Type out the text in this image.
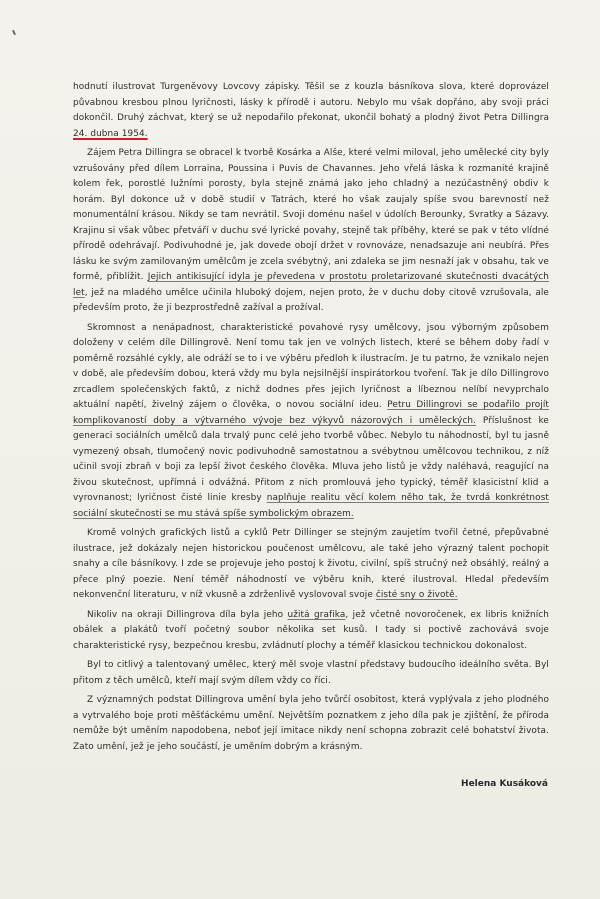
hodnutí ilustrovat Turgeněvovy Lovcovy zápisky. Těšil se z kouzla básníkova slova, které doprovázel půvabnou kresbou plnou lyričnosti, lásky k přírodě i autoru. Nebylo mu však dopřáno, aby svoji práci dokončil. Druhý záchvat, který se už nepodařilo překonat, ukončil bohatý a plodný život Petra Dillingra 24. dubna 1954.

Zájem Petra Dillingra se obracel k tvorbě Kosárka a Alše, které velmi miloval, jeho umělecké city byly vzrušovány před dílem Lorraina, Poussina i Puvis de Chavannes. Jeho vřelá láska k rozmanité krajině kolem řek, porostlé lužními porosty, byla stejně známá jako jeho chladný a nezúčastněný obdiv k horám. Byl dokonce už v době studií v Tatrách, které ho však zaujaly spíše svou barevností než monumentální krásou. Nikdy se tam nevrátil. Svoji doménu našel v údolích Berounky, Svratky a Sázavy. Krajinu si však vůbec přetváří v duchu své lyrické povahy, stejně tak příběhy, které se pak v této vlídné přírodě odehrávají. Podivuhodné je, jak dovede obojí držet v rovnováze, nenadsazuje ani neubírá. Přes lásku ke svým zamilovaným umělcům je zcela svébytný, ani zdaleka se jim nesnaží jak v obsahu, tak ve formě, přiblížit. Jejich antikisující idyla je převedena v prostotu proletarizované skutečnosti dvacátých let, jež na mladého umělce učinila hluboký dojem, nejen proto, že v duchu doby citově vzrušovala, ale především proto, že ji bezprostředně zažíval a prožíval.

Skromnost a nenápadnost, charakteristické povahové rysy umělcovy, jsou výborným způsobem doloženy v celém díle Dillingrově. Není tomu tak jen ve volných listech, které se během doby řadí v poměrně rozsáhlé cykly, ale odráží se to i ve výběru předloh k ilustracím. Je tu patrno, že vznikalo nejen v době, ale především dobou, která vždy mu byla nejsilnější inspirátorkou tvoření. Tak je dílo Dillingrovo zrcadlem společenských faktů, z nichž dodnes přes jejich lyričnost a líbeznou nelíbí nevyprchalo aktuální napětí, živelný zájem o člověka, o novou sociální ideu. Petru Dillingrovi se podařilo projít komplikovaností doby a výtvarného vývoje bez výkyvů názorových i uměleckých. Příslušnost ke generaci sociálních umělců dala trvalý punc celé jeho tvorbě vůbec. Nebylo tu náhodností, byl tu jasně vymezený obsah, tlumočený novic podivuhodně samostatnou a svébytnou umělcovou technikou, z níž učinil svoji zbraň v boji za lepší život českého člověka. Mluva jeho listů je vždy naléhavá, reagující na živou skutečnost, upřímná i odvážná. Přitom z nich promlouvá jeho typický, téměř klasicistní klid a vyrovnanost; lyričnost čisté linie kresby naplňuje realitu věcí kolem něho tak, že tvrdá konkrétnost sociální skutečnosti se mu stává spíše symbolickým obrazem.

Kromě volných grafických listů a cyklů Petr Dillinger se stejným zaujetím tvořil četné, přepůvabné ilustrace, jež dokázaly nejen historickou poučenost umělcovu, ale také jeho výrazný talent pochopit snahy a cíle básníkovy. I zde se projevuje jeho postoj k životu, civilní, spíš stručný než obsáhlý, reálný a přece plný poezie. Není téměř náhodností ve výběru knih, které ilustroval. Hledal především nekonvenční literaturu, v níž vkusně a zdrženlivě vyslovoval svoje čisté sny o životě.

Nikoliv na okraji Dillingrova díla byla jeho užitá grafika, jež včetně novoročenek, ex libris knižních obálek a plakátů tvoří početný soubor několika set kusů. I tady si poctivě zachovává svoje charakteristické rysy, bezpečnou kresbu, zvládnutí plochy a téměř klasickou technickou dokonalost.

Byl to citlivý a talentovaný umělec, který měl svoje vlastní představy budoucího ideálního světa. Byl přitom z těch umělců, kteří mají svým dílem vždy co říci.

Z významných podstat Dillingrova umění byla jeho tvůrčí osobitost, která vyplývala z jeho plodného a vytrvalého boje proti měšťáckému umění. Největším poznatkem z jeho díla pak je zjištění, že příroda nemůže být uměním napodobena, neboť její imitace nikdy není schopna zobrazit celé bohatství života. Zato umění, jež je jeho součástí, je uměním dobrým a krásným.

Helena Kusáková
